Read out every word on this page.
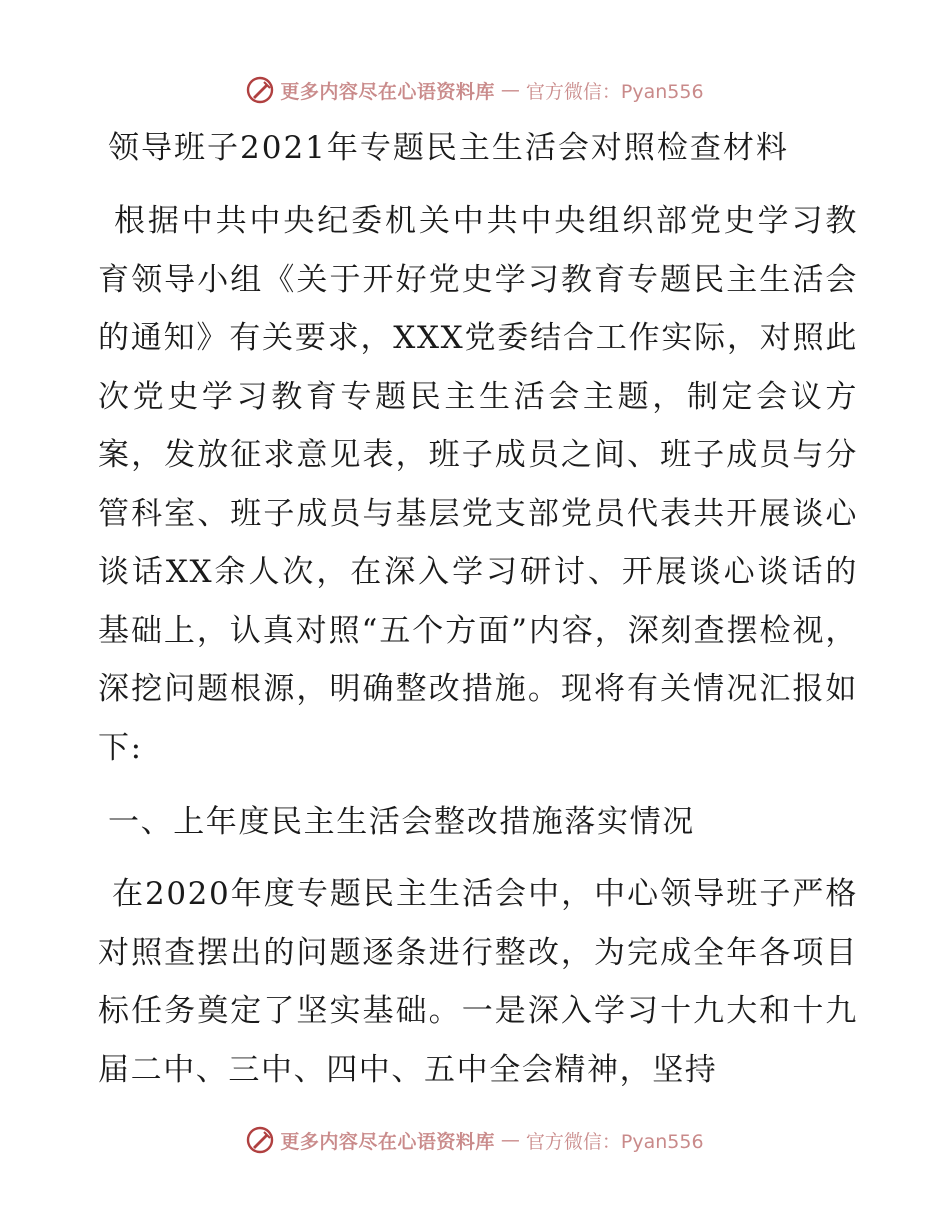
更多内容尽在心语资料库 — 官方微信：Pyan556
领导班子2021年专题民主生活会对照检查材料

根据中共中央纪委机关中共中央组织部党史学习教育领导小组《关于开好党史学习教育专题民主生活会的通知》有关要求，XXX党委结合工作实际，对照此次党史学习教育专题民主生活会主题，制定会议方案，发放征求意见表，班子成员之间、班子成员与分管科室、班子成员与基层党支部党员代表共开展谈心谈话XX余人次，在深入学习研讨、开展谈心谈话的基础上，认真对照“五个方面”内容，深刻查摆检视，深挖问题根源，明确整改措施。现将有关情况汇报如下:

一、上年度民主生活会整改措施落实情况

在2020年度专题民主生活会中，中心领导班子严格对照查摆出的问题逐条进行整改，为完成全年各项目标任务奠定了坚实基础。一是深入学习十九大和十九届二中、三中、四中、五中全会精神，坚持

更多内容尽在心语资料库 — 官方微信：Pyan556
